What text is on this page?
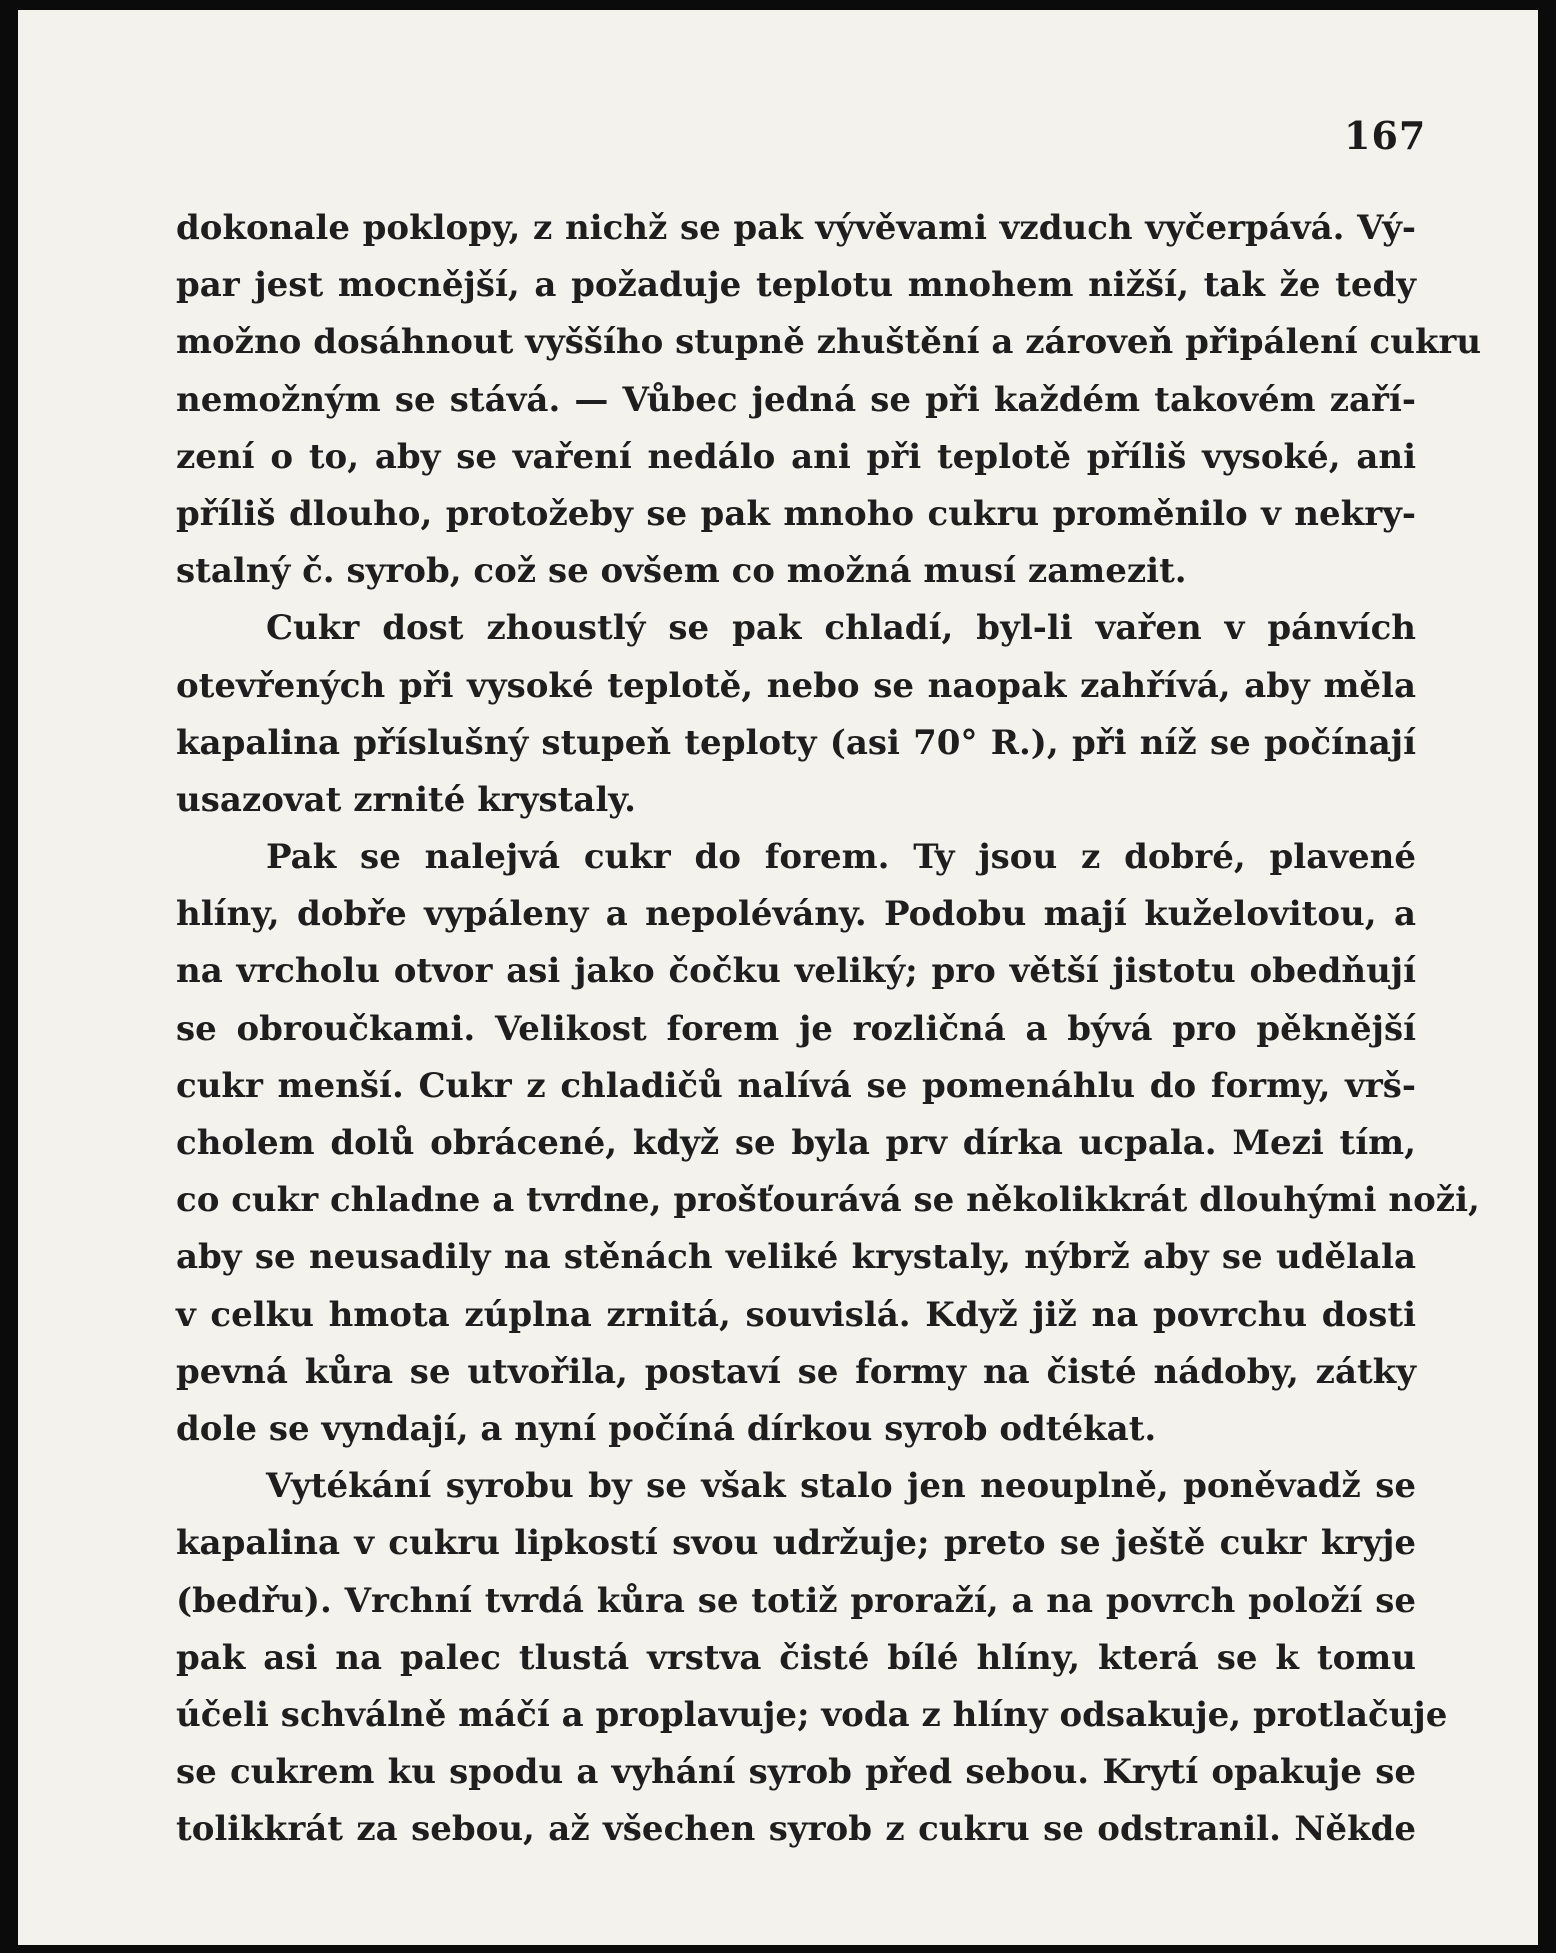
167
dokonale poklopy, z nichž se pak vývěvami vzduch vyčerpává. Vý-
par jest mocnější, a požaduje teplotu mnohem nižší, tak že tedy
možno dosáhnout vyššího stupně zhuštění a zároveň připálení cukru
nemožným se stává. — Vůbec jedná se při každém takovém zaří-
zení o to, aby se vaření nedálo ani při teplotě příliš vysoké, ani
příliš dlouho, protožeby se pak mnoho cukru proměnilo v nekry-
stalný č. syrob, což se ovšem co možná musí zamezit.
Cukr dost zhoustlý se pak chladí, byl-li vařen v pánvích
otevřených při vysoké teplotě, nebo se naopak zahřívá, aby měla
kapalina příslušný stupeň teploty (asi 70° R.), při níž se počínají
usazovat zrnité krystaly.
Pak se nalejvá cukr do forem. Ty jsou z dobré, plavené
hlíny, dobře vypáleny a nepolévány. Podobu mají kuželovitou, a
na vrcholu otvor asi jako čočku veliký; pro větší jistotu obedňují
se obroučkami. Velikost forem je rozličná a bývá pro pěknější
cukr menší. Cukr z chladičů nalívá se pomenáhlu do formy, vrš-
cholem dolů obrácené, když se byla prv dírka ucpala. Mezi tím,
co cukr chladne a tvrdne, prošťourává se několikkrát dlouhými noži,
aby se neusadily na stěnách veliké krystaly, nýbrž aby se udělala
v celku hmota zúplna zrnitá, souvislá. Když již na povrchu dosti
pevná kůra se utvořila, postaví se formy na čisté nádoby, zátky
dole se vyndají, a nyní počíná dírkou syrob odtékat.
Vytékání syrobu by se však stalo jen neouplně, poněvadž se
kapalina v cukru lipkostí svou udržuje; preto se ještě cukr kryje
(bedřu). Vrchní tvrdá kůra se totiž proraží, a na povrch položí se
pak asi na palec tlustá vrstva čisté bílé hlíny, která se k tomu
účeli schválně máčí a proplavuje; voda z hlíny odsakuje, protlačuje
se cukrem ku spodu a vyhání syrob před sebou. Krytí opakuje se
tolikkrát za sebou, až všechen syrob z cukru se odstranil. Někde
